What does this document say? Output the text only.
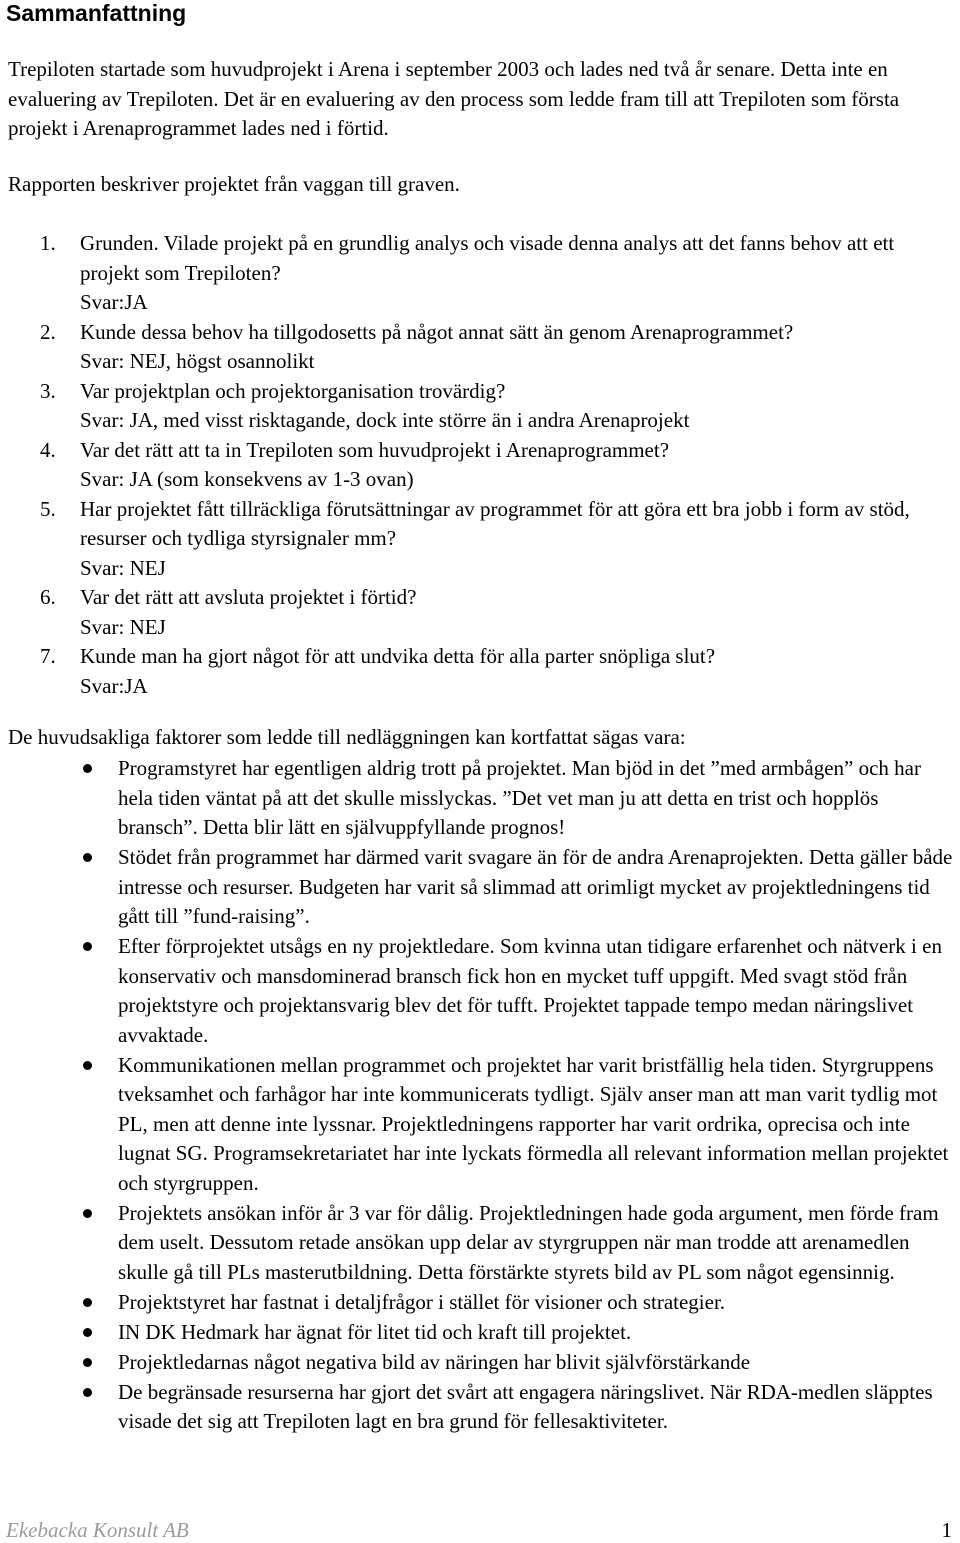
Sammanfattning

Trepiloten startade som huvudprojekt i Arena i september 2003 och lades ned två år senare. Detta inte en evaluering av Trepiloten. Det är en evaluering av den process som ledde fram till att Trepiloten som första projekt i Arenaprogrammet lades ned i förtid.

Rapporten beskriver projektet från vaggan till graven.

1. Grunden. Vilade projekt på en grundlig analys och visade denna analys att det fanns behov att ett projekt som Trepiloten?
Svar:JA
2. Kunde dessa behov ha tillgodosetts på något annat sätt än genom Arenaprogrammet?
Svar: NEJ, högst osannolikt
3. Var projektplan och projektorganisation trovärdig?
Svar: JA, med visst risktagande, dock inte större än i andra Arenaprojekt
4. Var det rätt att ta in Trepiloten som huvudprojekt i Arenaprogrammet?
Svar: JA (som konsekvens av 1-3 ovan)
5. Har projektet fått tillräckliga förutsättningar av programmet för att göra ett bra jobb i form av stöd, resurser och tydliga styrsignaler mm?
Svar: NEJ
6. Var det rätt att avsluta projektet i förtid?
Svar: NEJ
7. Kunde man ha gjort något för att undvika detta för alla parter snöpliga slut?
Svar:JA

De huvudsakliga faktorer som ledde till nedläggningen kan kortfattat sägas vara:

Programstyret har egentligen aldrig trott på projektet. Man bjöd in det ”med armbågen” och har hela tiden väntat på att det skulle misslyckas. ”Det vet man ju att detta en trist och hopplös bransch”. Detta blir lätt en självuppfyllande prognos!
Stödet från programmet har därmed varit svagare än för de andra Arenaprojekten. Detta gäller både intresse och resurser. Budgeten har varit så slimmad att orimligt mycket av projektledningens tid gått till ”fund-raising”.
Efter förprojektet utsågs en ny projektledare. Som kvinna utan tidigare erfarenhet och nätverk i en konservativ och mansdominerad bransch fick hon en mycket tuff uppgift. Med svagt stöd från projektstyre och projektansvarig blev det för tufft. Projektet tappade tempo medan näringslivet avvaktade.
Kommunikationen mellan programmet och projektet har varit bristfällig hela tiden. Styrgruppens tveksamhet och farhågor har inte kommunicerats tydligt. Själv anser man att man varit tydlig mot PL, men att denne inte lyssnar. Projektledningens rapporter har varit ordrika, oprecisa och inte lugnat SG. Programsekretariatet har inte lyckats förmedla all relevant information mellan projektet och styrgruppen.
Projektets ansökan inför år 3 var för dålig. Projektledningen hade goda argument, men förde fram dem uselt. Dessutom retade ansökan upp delar av styrgruppen när man trodde att arenamedlen skulle gå till PLs masterutbildning. Detta förstärkte styrets bild av PL som något egensinnig.
Projektstyret har fastnat i detaljfrågor i stället för visioner och strategier.
IN DK Hedmark har ägnat för litet tid och kraft till projektet.
Projektledarnas något negativa bild av näringen har blivit självförstärkande
De begränsade resurserna har gjort det svårt att engagera näringslivet. När RDA-medlen släpptes visade det sig att Trepiloten lagt en bra grund för fellesaktiviteter.
Ekebacka Konsult AB	1
